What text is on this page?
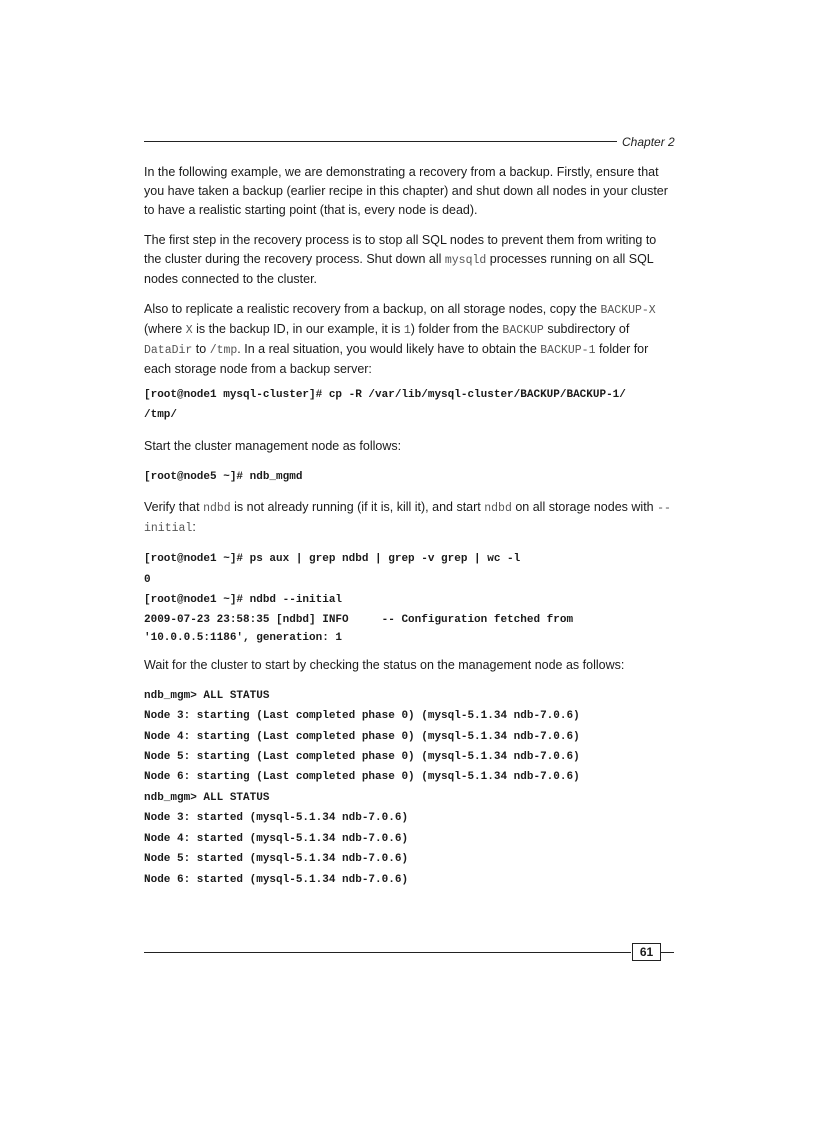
Chapter 2

In the following example, we are demonstrating a recovery from a backup. Firstly, ensure that you have taken a backup (earlier recipe in this chapter) and shut down all nodes in your cluster to have a realistic starting point (that is, every node is dead).

The first step in the recovery process is to stop all SQL nodes to prevent them from writing to the cluster during the recovery process. Shut down all mysqld processes running on all SQL nodes connected to the cluster.

Also to replicate a realistic recovery from a backup, on all storage nodes, copy the BACKUP-X (where X is the backup ID, in our example, it is 1) folder from the BACKUP subdirectory of DataDir to /tmp. In a real situation, you would likely have to obtain the BACKUP-1 folder for each storage node from a backup server:

[root@node1 mysql-cluster]# cp -R /var/lib/mysql-cluster/BACKUP/BACKUP-1/
/tmp/

Start the cluster management node as follows:

[root@node5 ~]# ndb_mgmd

Verify that ndbd is not already running (if it is, kill it), and start ndbd on all storage nodes with --initial:

[root@node1 ~]# ps aux | grep ndbd | grep -v grep | wc -l
0
[root@node1 ~]# ndbd --initial
2009-07-23 23:58:35 [ndbd] INFO     -- Configuration fetched from
'10.0.0.5:1186', generation: 1

Wait for the cluster to start by checking the status on the management node as follows:

ndb_mgm> ALL STATUS
Node 3: starting (Last completed phase 0) (mysql-5.1.34 ndb-7.0.6)
Node 4: starting (Last completed phase 0) (mysql-5.1.34 ndb-7.0.6)
Node 5: starting (Last completed phase 0) (mysql-5.1.34 ndb-7.0.6)
Node 6: starting (Last completed phase 0) (mysql-5.1.34 ndb-7.0.6)
ndb_mgm> ALL STATUS
Node 3: started (mysql-5.1.34 ndb-7.0.6)
Node 4: started (mysql-5.1.34 ndb-7.0.6)
Node 5: started (mysql-5.1.34 ndb-7.0.6)
Node 6: started (mysql-5.1.34 ndb-7.0.6)
61
